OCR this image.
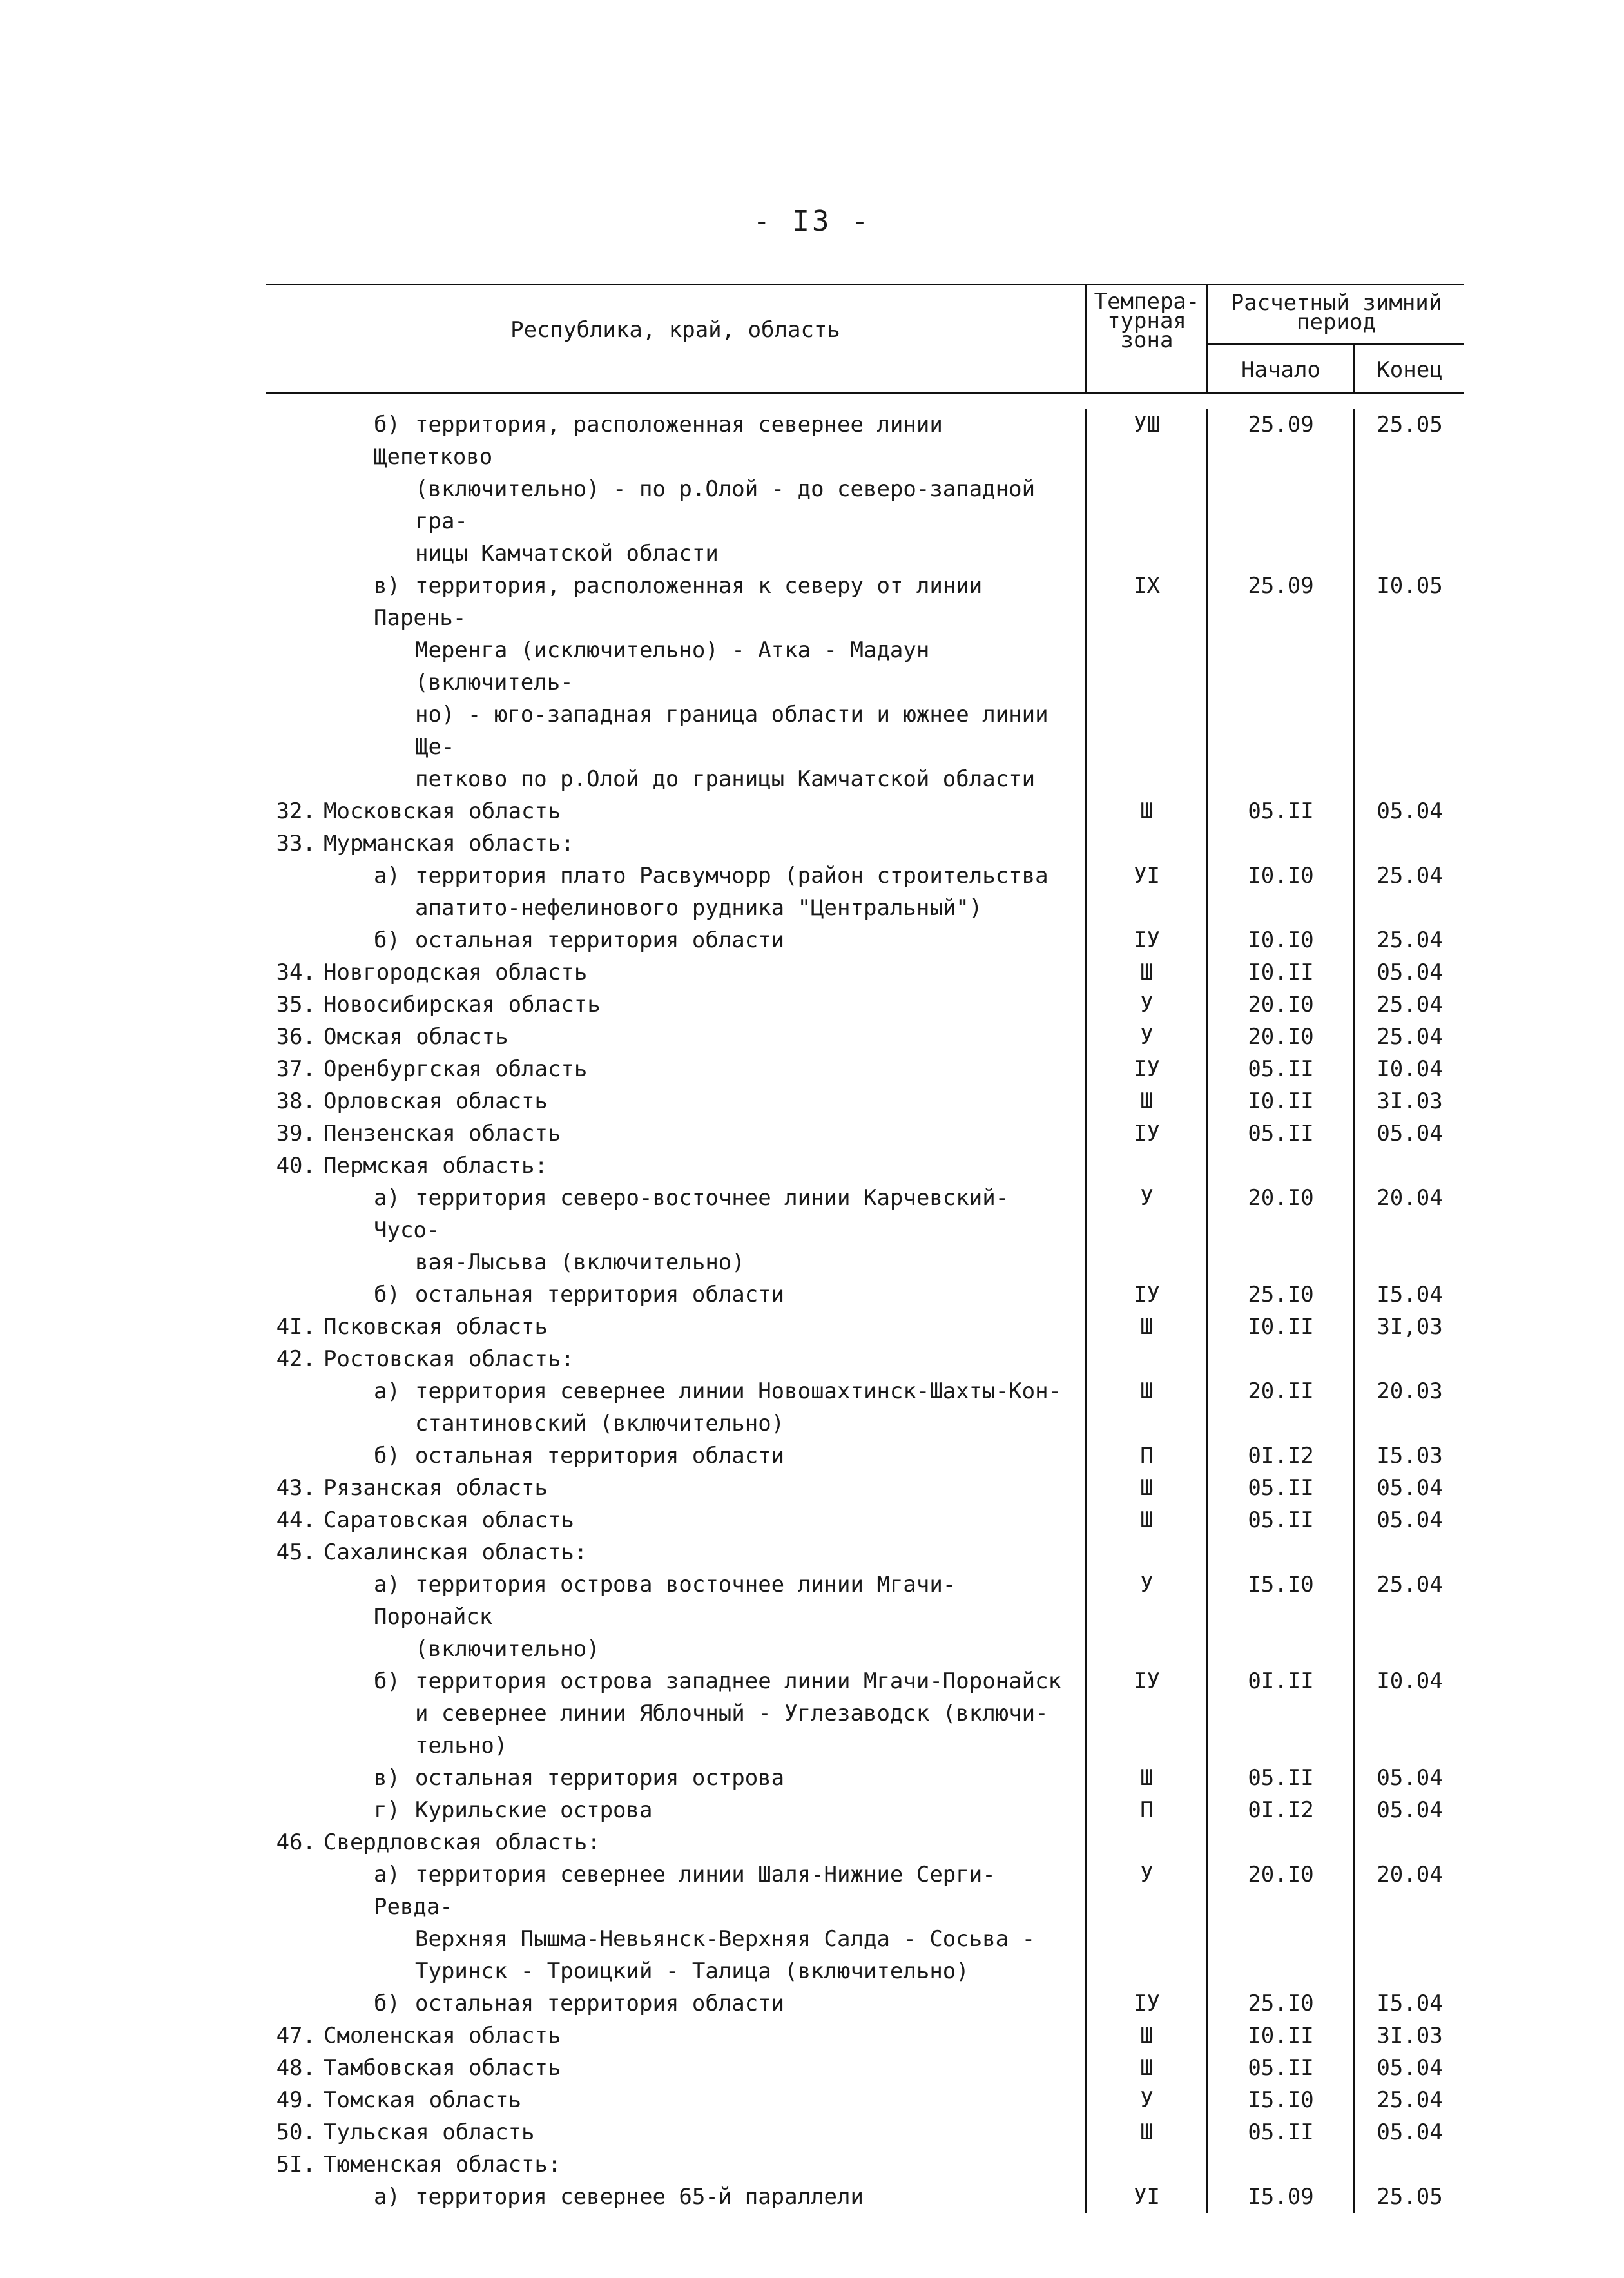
- I3 -
Республика, край, область
Темпера-
турная
зона
Расчетный зимний
период
Начало	Конец
б) территория, расположенная севернее линии Щепетково
(включительно) - по р.Олой - до северо-западной гра-
ницы Камчатской области
УШ	25.09	25.05
в) территория, расположенная к северу от линии Парень-
Меренга (исключительно) - Атка - Мадаун (включитель-
но) - юго-западная граница области и южнее линии Ще-
петково по р.Олой до границы Камчатской области
IX	25.09	I0.05
32. Московская область	Ш	05.II	05.04
33. Мурманская область:
а) территория плато Расвумчорр (район строительства
апатито-нефелинового рудника "Центральный")
УI	I0.I0	25.04
б) остальная территория области	IУ	I0.I0	25.04
34. Новгородская область	Ш	I0.II	05.04
35. Новосибирская область	У	20.I0	25.04
36. Омская область	У	20.I0	25.04
37. Оренбургская область	IУ	05.II	I0.04
38. Орловская область	Ш	I0.II	3I.03
39. Пензенская область	IУ	05.II	05.04
40. Пермская область:
а) территория северо-восточнее линии Карчевский-Чусо-
вая-Лысьва (включительно)
У	20.I0	20.04
б) остальная территория области	IУ	25.I0	I5.04
4I. Псковская область	Ш	I0.II	3I,03
42. Ростовская область:
а) территория севернее линии Новошахтинск-Шахты-Кон-
стантиновский (включительно)
Ш	20.II	20.03
б) остальная территория области	П	0I.I2	I5.03
43. Рязанская область	Ш	05.II	05.04
44. Саратовская область	Ш	05.II	05.04
45. Сахалинская область:
а) территория острова восточнее линии Мгачи-Поронайск
(включительно)
У	I5.I0	25.04
б) территория острова западнее линии Мгачи-Поронайск
и севернее линии Яблочный - Углезаводск (включи-
тельно)
IУ	0I.II	I0.04
в) остальная территория острова	Ш	05.II	05.04
г) Курильские острова	П	0I.I2	05.04
46. Свердловская область:
а) территория севернее линии Шаля-Нижние Серги-Ревда-
Верхняя Пышма-Невьянск-Верхняя Салда - Сосьва -
Туринск - Троицкий - Талица (включительно)
У	20.I0	20.04
б) остальная территория области	IУ	25.I0	I5.04
47. Смоленская область	Ш	I0.II	3I.03
48. Тамбовская область	Ш	05.II	05.04
49. Томская область	У	I5.I0	25.04
50. Тульская область	Ш	05.II	05.04
5I. Тюменская область:
а) территория севернее 65-й параллели	УI	I5.09	25.05
